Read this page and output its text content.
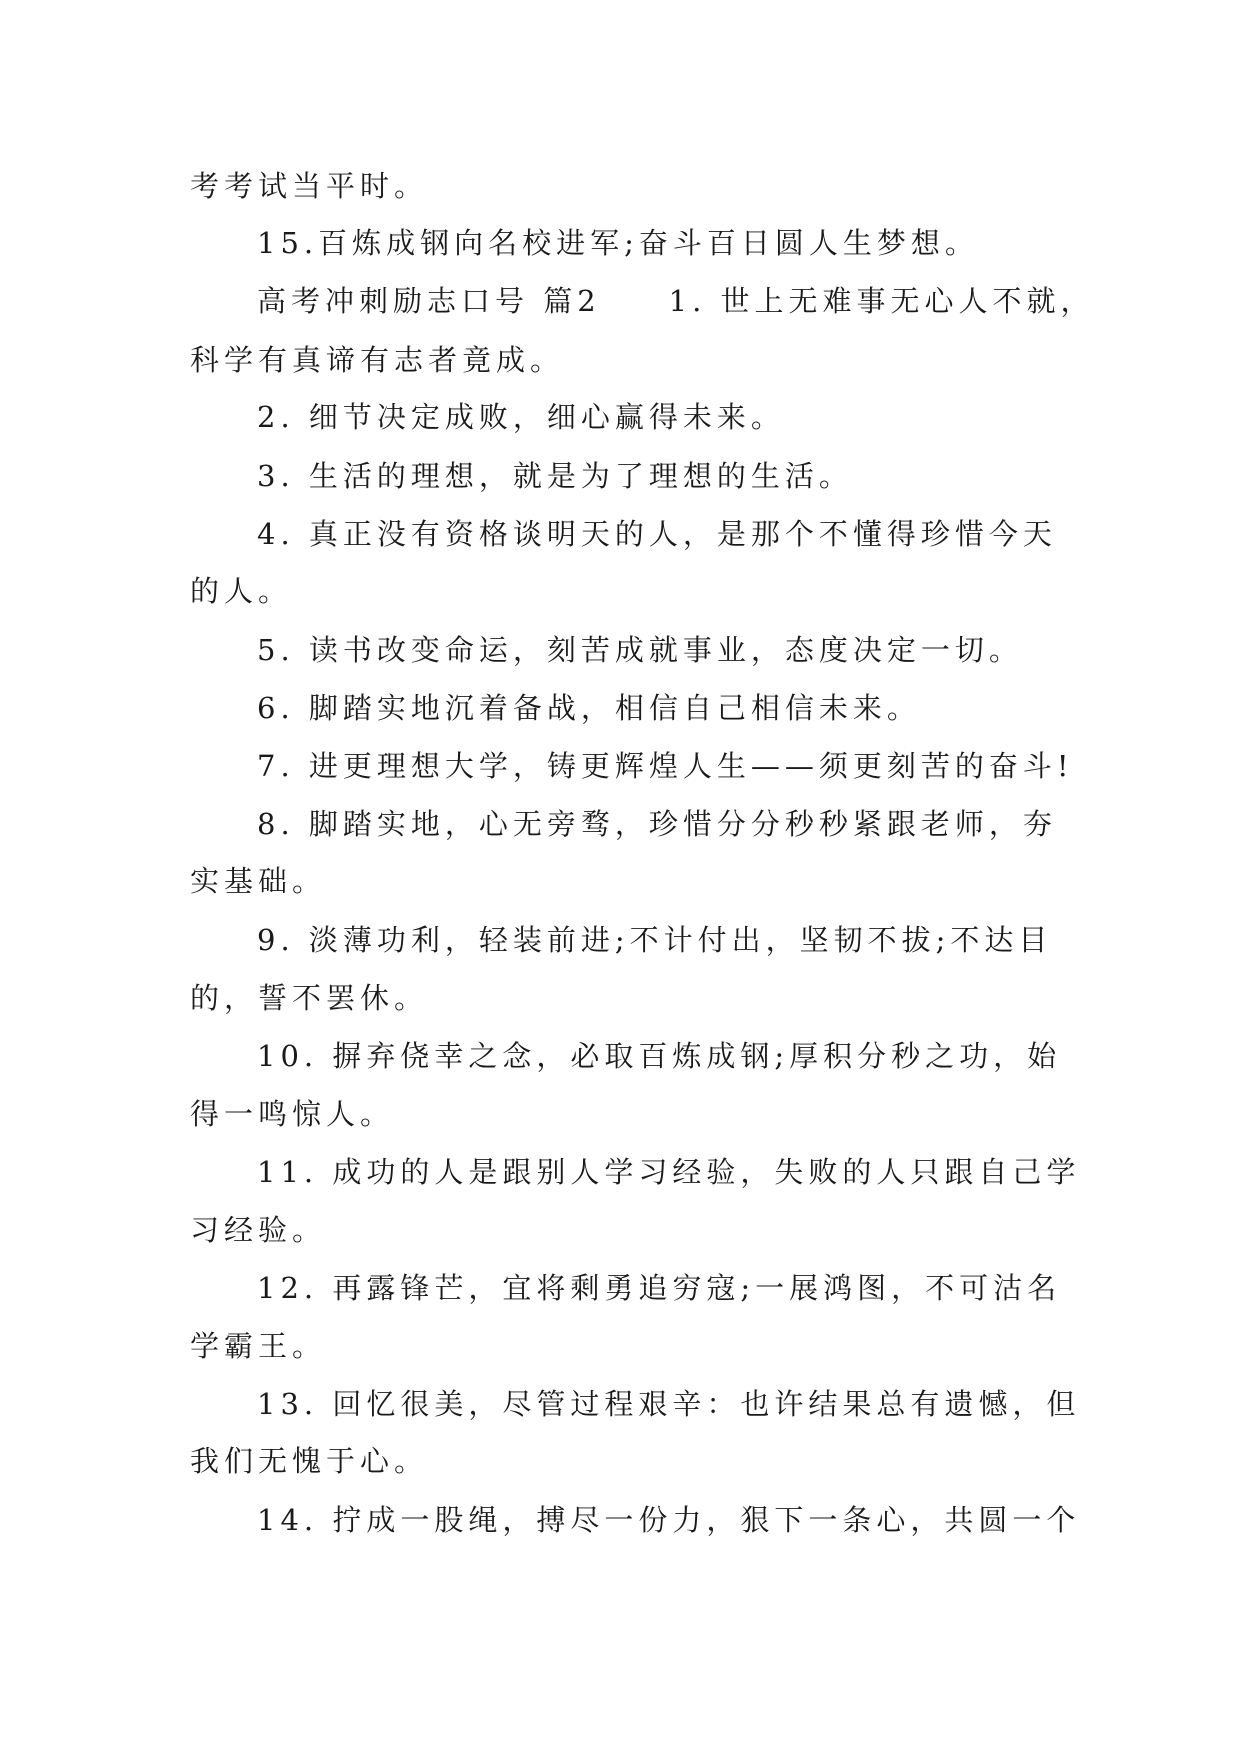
考考试当平时。
15.百炼成钢向名校进军;奋斗百日圆人生梦想。
高考冲刺励志口号 篇2　　1. 世上无难事无心人不就，
科学有真谛有志者竟成。
2. 细节决定成败，细心赢得未来。
3. 生活的理想，就是为了理想的生活。
4. 真正没有资格谈明天的人，是那个不懂得珍惜今天
的人。
5. 读书改变命运，刻苦成就事业，态度决定一切。
6. 脚踏实地沉着备战，相信自己相信未来。
7. 进更理想大学，铸更辉煌人生——须更刻苦的奋斗!
8. 脚踏实地，心无旁骛，珍惜分分秒秒紧跟老师，夯
实基础。
9. 淡薄功利，轻装前进;不计付出，坚韧不拔;不达目
的，誓不罢休。
10. 摒弃侥幸之念，必取百炼成钢;厚积分秒之功，始
得一鸣惊人。
11. 成功的人是跟别人学习经验，失败的人只跟自己学
习经验。
12. 再露锋芒，宜将剩勇追穷寇;一展鸿图，不可沽名
学霸王。
13. 回忆很美，尽管过程艰辛：也许结果总有遗憾，但
我们无愧于心。
14. 拧成一股绳，搏尽一份力，狠下一条心，共圆一个
